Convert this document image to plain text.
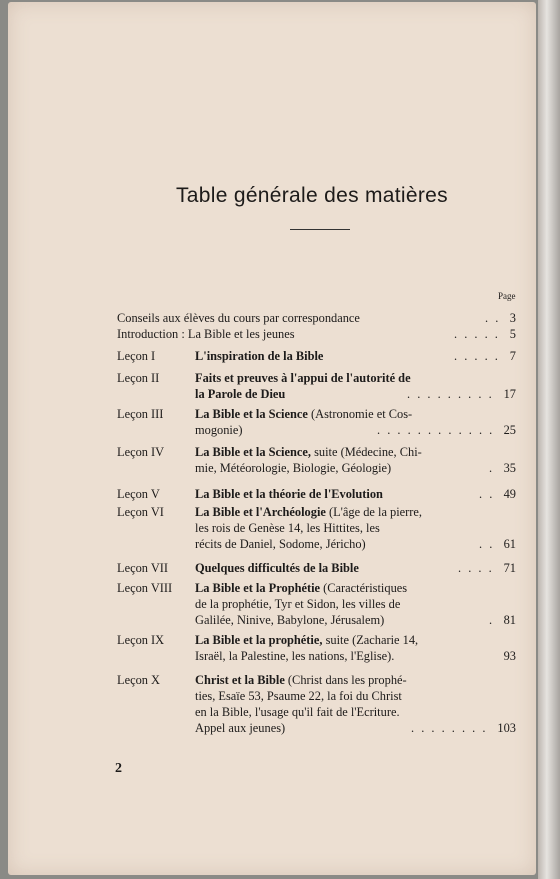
Table générale des matières
Page
Conseils aux élèves du cours par correspondance	3
. .
Introduction : La Bible et les jeunes	5
. . . . .
Leçon I	L'inspiration de la Bible	7
. . . . .
Leçon II	Faits et preuves à l'appui de l'autorité de
la Parole de Dieu	17
. . . . . . . . .
Leçon III	La Bible et la Science (Astronomie et Cos-
mogonie)	25
. . . . . . . . . . . .
Leçon IV La Bible et la Science, suite (Médecine, Chi-
mie, Météorologie, Biologie, Géologie)	35
.
Leçon V	La Bible et la théorie de l'Evolution	49
. .
Leçon VI	La Bible et l'Archéologie (L'âge de la pierre,
les rois de Genèse 14, les Hittites, les
récits de Daniel, Sodome, Jéricho)	61
. .
Leçon VII Quelques difficultés de la Bible	71
. . . .
Leçon VIII La Bible et la Prophétie (Caractéristiques
de la prophétie, Tyr et Sidon, les villes de
Galilée, Ninive, Babylone, Jérusalem)	81
.
Leçon IX La Bible et la prophétie, suite (Zacharie 14,
Israël, la Palestine, les nations, l'Eglise).	93
Leçon X	Christ et la Bible (Christ dans les prophé-
ties, Esaïe 53, Psaume 22, la foi du Christ
en la Bible, l'usage qu'il fait de l'Ecriture.
Appel aux jeunes)	103
. . . . . . . .
2
